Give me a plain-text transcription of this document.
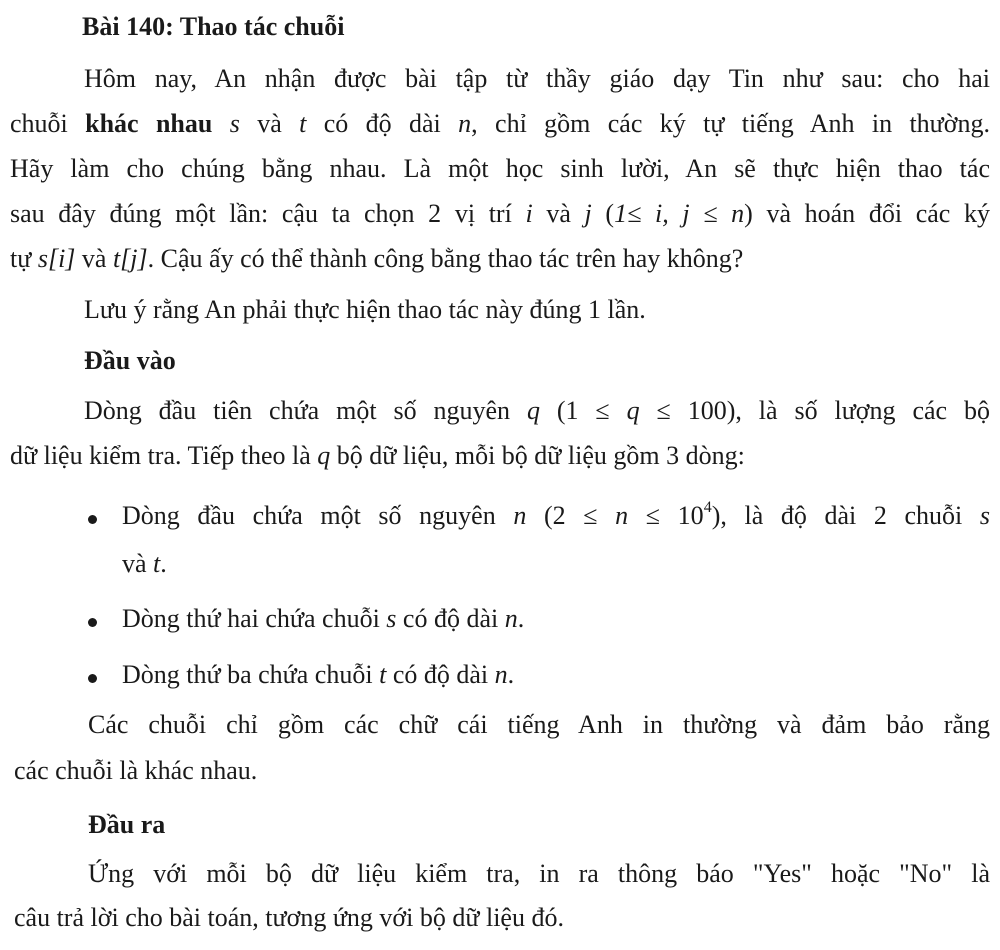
Bài 140: Thao tác chuỗi
Hôm nay, An nhận được bài tập từ thầy giáo dạy Tin như sau: cho hai
chuỗi khác nhau s và t có độ dài n, chỉ gồm các ký tự tiếng Anh in thường.
Hãy làm cho chúng bằng nhau. Là một học sinh lười, An sẽ thực hiện thao tác
sau đây đúng một lần: cậu ta chọn 2 vị trí i và j (1≤ i, j ≤ n) và hoán đổi các ký
tự s[i] và t[j]. Cậu ấy có thể thành công bằng thao tác trên hay không?
Lưu ý rằng An phải thực hiện thao tác này đúng 1 lần.
Đầu vào
Dòng đầu tiên chứa một số nguyên q (1 ≤ q ≤ 100), là số lượng các bộ
dữ liệu kiểm tra. Tiếp theo là q bộ dữ liệu, mỗi bộ dữ liệu gồm 3 dòng:
Dòng đầu chứa một số nguyên n $(2 \le n \le 10^4)$, là độ dài 2 chuỗi s
và t.
Dòng thứ hai chứa chuỗi s có độ dài n.
Dòng thứ ba chứa chuỗi t có độ dài n.
Các chuỗi chỉ gồm các chữ cái tiếng Anh in thường và đảm bảo rằng
các chuỗi là khác nhau.
Đầu ra
Ứng với mỗi bộ dữ liệu kiểm tra, in ra thông báo "Yes" hoặc "No" là
câu trả lời cho bài toán, tương ứng với bộ dữ liệu đó.
